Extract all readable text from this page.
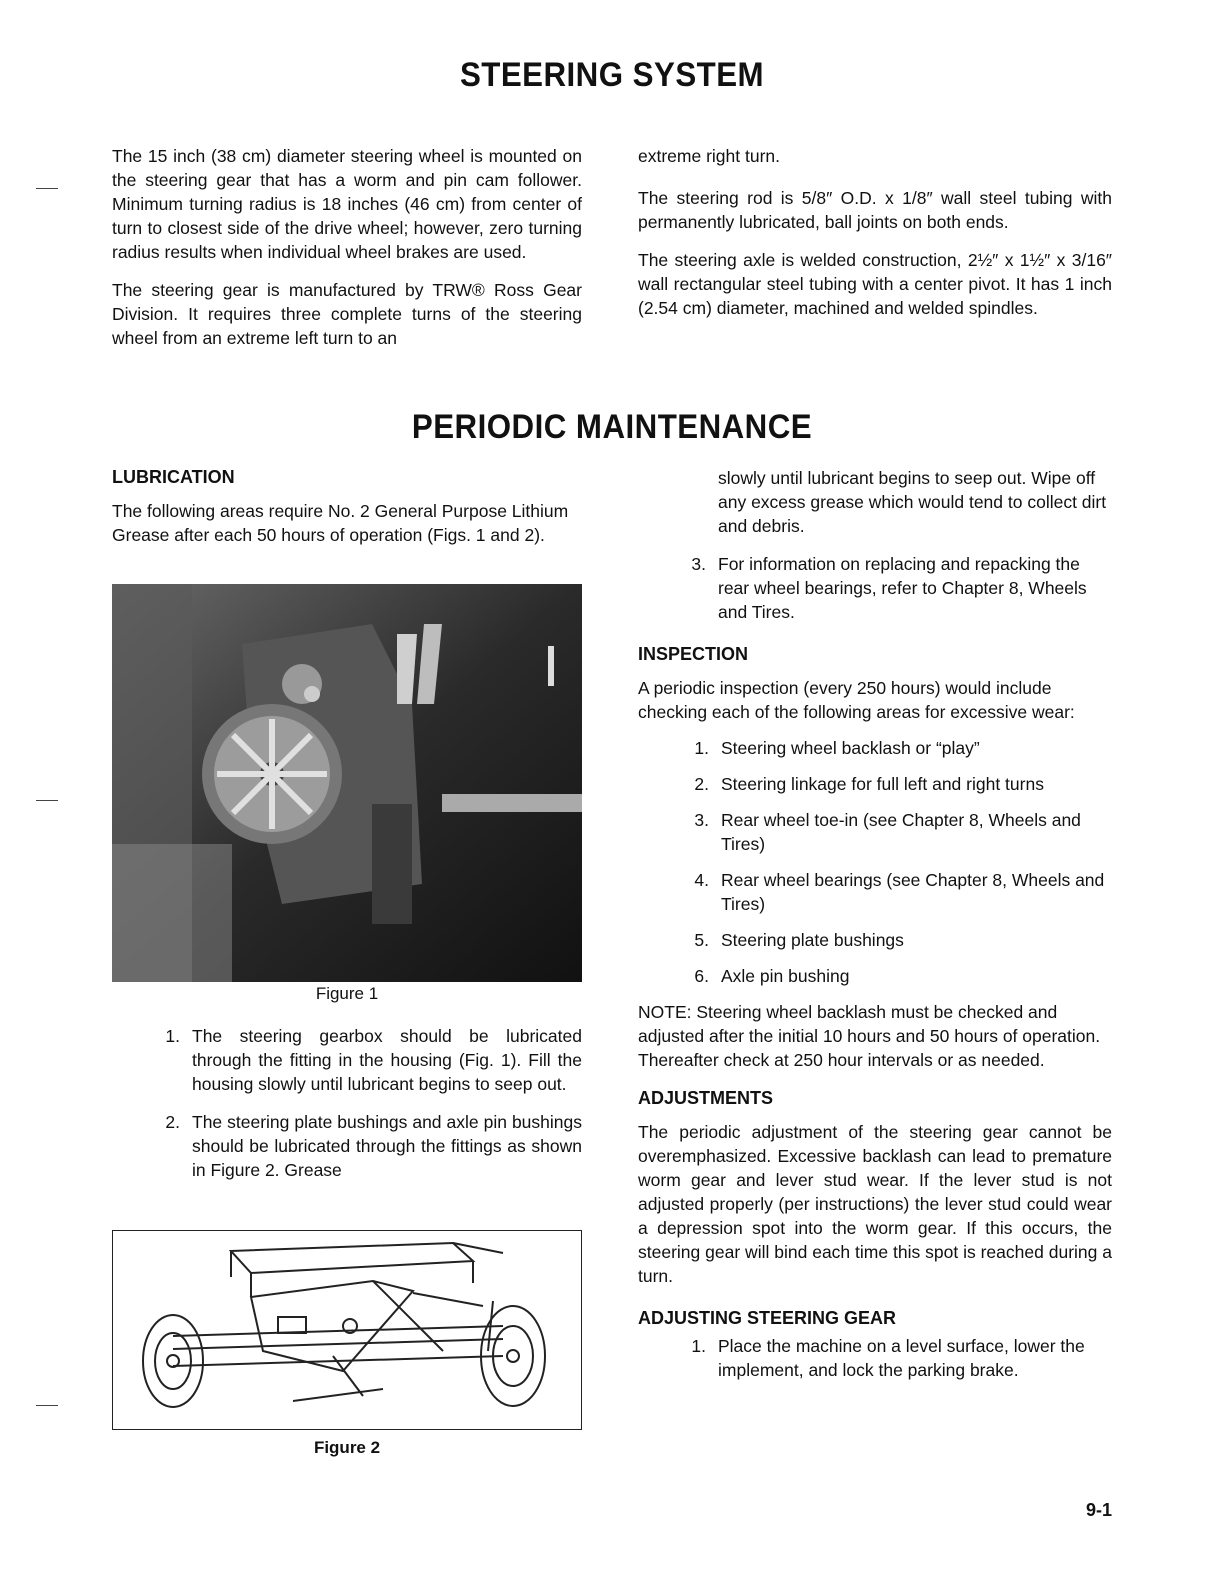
STEERING SYSTEM

The 15 inch (38 cm) diameter steering wheel is mounted on the steering gear that has a worm and pin cam follower. Minimum turning radius is 18 inches (46 cm) from center of turn to closest side of the drive wheel; however, zero turning radius results when individual wheel brakes are used.

The steering gear is manufactured by TRW® Ross Gear Division. It requires three complete turns of the steering wheel from an extreme left turn to an

extreme right turn.

The steering rod is 5/8″ O.D. x 1/8″ wall steel tubing with permanently lubricated, ball joints on both ends.

The steering axle is welded construction, 2½″ x 1½″ x 3/16″ wall rectangular steel tubing with a center pivot. It has 1 inch (2.54 cm) diameter, machined and welded spindles.

PERIODIC MAINTENANCE
LUBRICATION

The following areas require No. 2 General Purpose Lithium Grease after each 50 hours of operation (Figs. 1 and 2).

Figure 1
1. The steering gearbox should be lubricated through the fitting in the housing (Fig. 1). Fill the housing slowly until lubricant begins to seep out.
2. The steering plate bushings and axle pin bushings should be lubricated through the fittings as shown in Figure 2. Grease
Figure 2
slowly until lubricant begins to seep out. Wipe off any excess grease which would tend to collect dirt and debris.
3. For information on replacing and repacking the rear wheel bearings, refer to Chapter 8, Wheels and Tires.
INSPECTION

A periodic inspection (every 250 hours) would include checking each of the following areas for excessive wear:

1. Steering wheel backlash or “play”
2. Steering linkage for full left and right turns
3. Rear wheel toe-in (see Chapter 8, Wheels and Tires)
4. Rear wheel bearings (see Chapter 8, Wheels and Tires)
5. Steering plate bushings
6. Axle pin bushing

NOTE: Steering wheel backlash must be checked and adjusted after the initial 10 hours and 50 hours of operation. Thereafter check at 250 hour intervals or as needed.

ADJUSTMENTS

The periodic adjustment of the steering gear cannot be overemphasized. Excessive backlash can lead to premature worm gear and lever stud wear. If the lever stud is not adjusted properly (per instructions) the lever stud could wear a depression spot into the worm gear. If this occurs, the steering gear will bind each time this spot is reached during a turn.

ADJUSTING STEERING GEAR
1. Place the machine on a level surface, lower the implement, and lock the parking brake.
9-1
